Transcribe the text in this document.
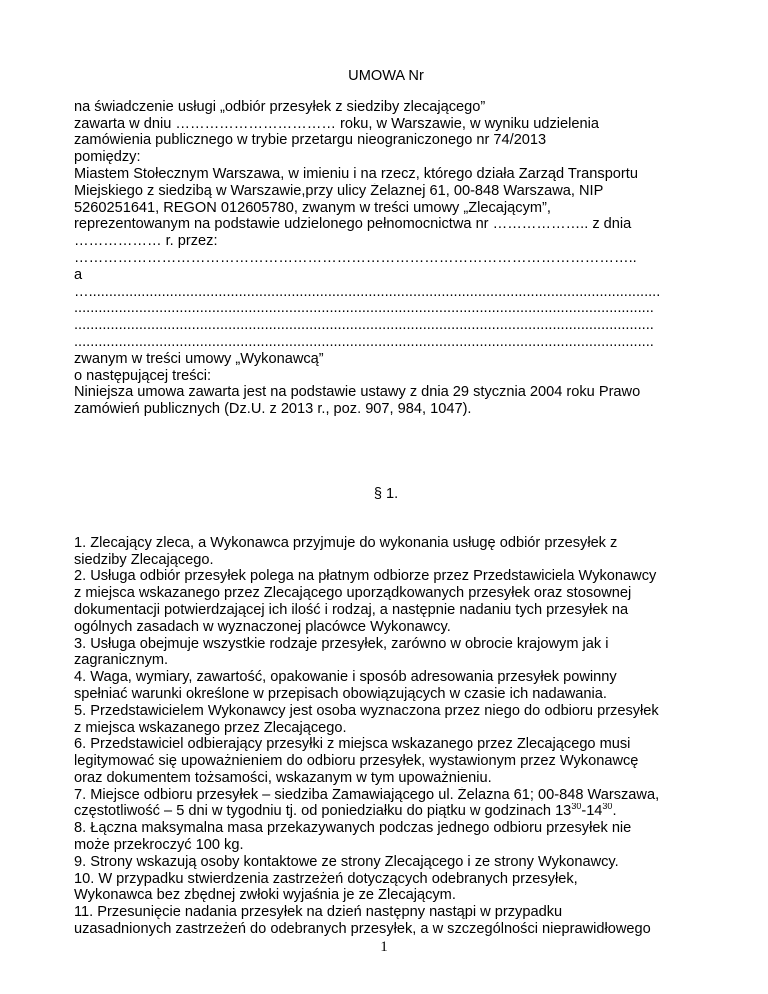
UMOWA Nr
na świadczenie usługi „odbiór przesyłek z siedziby zlecającego”
zawarta w dniu …………………………… roku, w Warszawie, w wyniku udzielenia
zamówienia publicznego w trybie przetargu nieograniczonego nr 74/2013
pomiędzy:
Miastem Stołecznym Warszawa, w imieniu i na rzecz, którego działa Zarząd Transportu
Miejskiego z siedzibą w Warszawie,przy ulicy Żelaznej 61, 00-848 Warszawa, NIP
5260251641, REGON 012605780, zwanym w treści umowy „Zlecającym”,
reprezentowanym na podstawie udzielonego pełnomocnictwa nr ……………….. z dnia
……………… r. przez:
……………………………………………………………………………………………………..
a
….............................................................................................................................................
...............................................................................................................................................
...............................................................................................................................................
...............................................................................................................................................
zwanym w treści umowy „Wykonawcą”
o następującej treści:
Niniejsza umowa zawarta jest na podstawie ustawy z dnia 29 stycznia 2004 roku Prawo
zamówień publicznych (Dz.U. z 2013 r., poz. 907, 984, 1047).
§ 1.
1. Zlecający zleca, a Wykonawca przyjmuje do wykonania usługę odbiór przesyłek z
siedziby Zlecającego.
2. Usługa odbiór przesyłek polega na płatnym odbiorze przez Przedstawiciela Wykonawcy
z miejsca wskazanego przez Zlecającego uporządkowanych przesyłek oraz stosownej
dokumentacji potwierdzającej ich ilość i rodzaj, a następnie nadaniu tych przesyłek na
ogólnych zasadach w wyznaczonej placówce Wykonawcy.
3. Usługa obejmuje wszystkie rodzaje przesyłek, zarówno w obrocie krajowym jak i
zagranicznym.
4. Waga, wymiary, zawartość, opakowanie i sposób adresowania przesyłek powinny
spełniać warunki określone w przepisach obowiązujących w czasie ich nadawania.
5. Przedstawicielem Wykonawcy jest osoba wyznaczona przez niego do odbioru przesyłek
z miejsca wskazanego przez Zlecającego.
6. Przedstawiciel odbierający przesyłki z miejsca wskazanego przez Zlecającego musi
legitymować się upoważnieniem do odbioru przesyłek, wystawionym przez Wykonawcę
oraz dokumentem tożsamości, wskazanym w tym upoważnieniu.
7. Miejsce odbioru przesyłek – siedziba Zamawiającego ul. Żelazna 61; 00-848 Warszawa,
częstotliwość – 5 dni w tygodniu tj. od poniedziałku do piątku w godzinach $13^{30}-14^{30}$.
8. Łączna maksymalna masa przekazywanych podczas jednego odbioru przesyłek nie
może przekroczyć 100 kg.
9. Strony wskazują osoby kontaktowe ze strony Zlecającego i ze strony Wykonawcy.
10. W przypadku stwierdzenia zastrzeżeń dotyczących odebranych przesyłek,
Wykonawca bez zbędnej zwłoki wyjaśnia je ze Zlecającym.
11. Przesunięcie nadania przesyłek na dzień następny nastąpi w przypadku
uzasadnionych zastrzeżeń do odebranych przesyłek, a w szczególności nieprawidłowego
1
